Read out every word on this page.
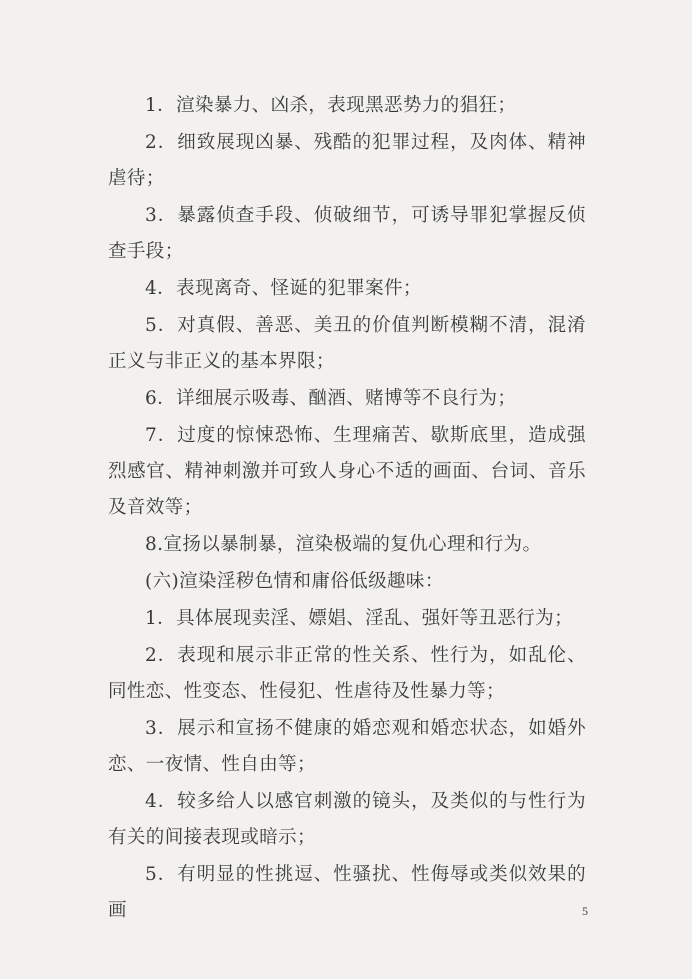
1．渲染暴力、凶杀，表现黑恶势力的猖狂；

2．细致展现凶暴、残酷的犯罪过程，及肉体、精神虐待；

3．暴露侦查手段、侦破细节，可诱导罪犯掌握反侦查手段；

4．表现离奇、怪诞的犯罪案件；

5．对真假、善恶、美丑的价值判断模糊不清，混淆正义与非正义的基本界限；

6．详细展示吸毒、酗酒、赌博等不良行为；

7．过度的惊悚恐怖、生理痛苦、歇斯底里，造成强烈感官、精神刺激并可致人身心不适的画面、台词、音乐及音效等；

8.宣扬以暴制暴，渲染极端的复仇心理和行为。

(六)渲染淫秽色情和庸俗低级趣味：

1．具体展现卖淫、嫖娼、淫乱、强奸等丑恶行为；

2．表现和展示非正常的性关系、性行为，如乱伦、同性恋、性变态、性侵犯、性虐待及性暴力等；

3．展示和宣扬不健康的婚恋观和婚恋状态，如婚外恋、一夜情、性自由等；

4．较多给人以感官刺激的镜头，及类似的与性行为有关的间接表现或暗示；

5．有明显的性挑逗、性骚扰、性侮辱或类似效果的画	5
